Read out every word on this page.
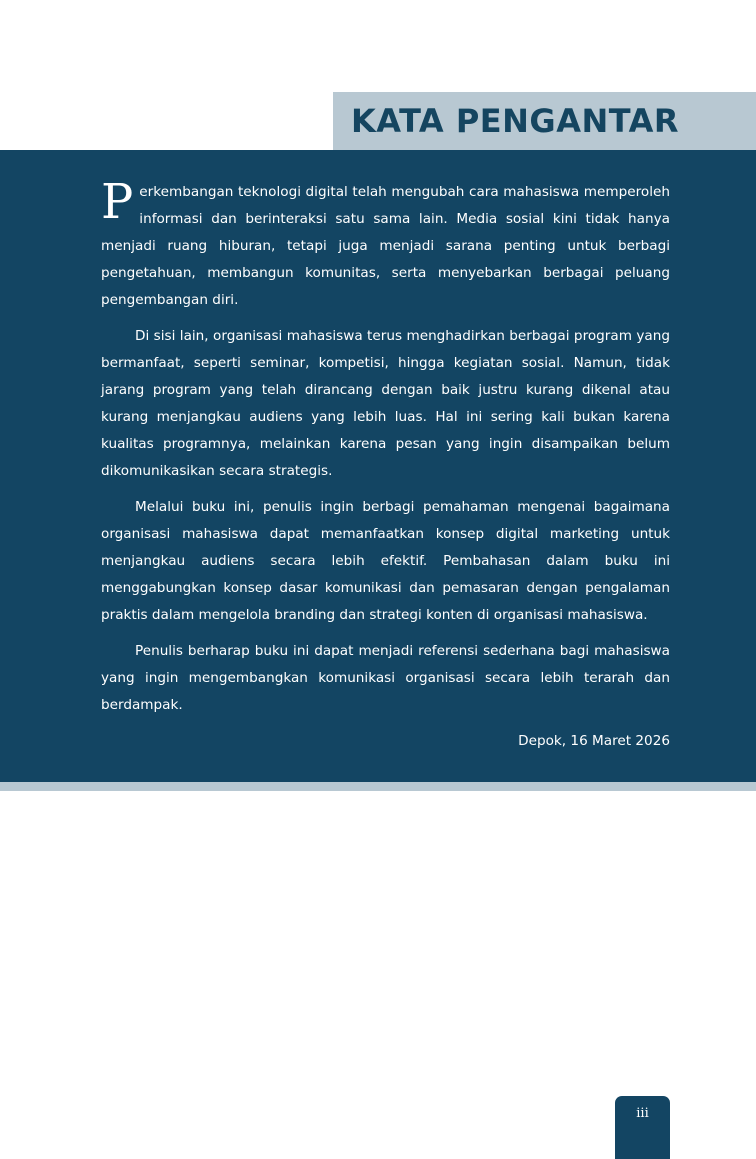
KATA PENGANTAR

Perkembangan teknologi digital telah mengubah cara mahasiswa memperoleh informasi dan berinteraksi satu sama lain. Media sosial kini tidak hanya menjadi ruang hiburan, tetapi juga menjadi sarana penting untuk berbagi pengetahuan, membangun komunitas, serta menyebarkan berbagai peluang pengembangan diri.

Di sisi lain, organisasi mahasiswa terus menghadirkan berbagai program yang bermanfaat, seperti seminar, kompetisi, hingga kegiatan sosial. Namun, tidak jarang program yang telah dirancang dengan baik justru kurang dikenal atau kurang menjangkau audiens yang lebih luas. Hal ini sering kali bukan karena kualitas programnya, melainkan karena pesan yang ingin disampaikan belum dikomunikasikan secara strategis.

Melalui buku ini, penulis ingin berbagi pemahaman mengenai bagaimana organisasi mahasiswa dapat memanfaatkan konsep digital marketing untuk menjangkau audiens secara lebih efektif. Pembahasan dalam buku ini menggabungkan konsep dasar komunikasi dan pemasaran dengan pengalaman praktis dalam mengelola branding dan strategi konten di organisasi mahasiswa.

Penulis berharap buku ini dapat menjadi referensi sederhana bagi mahasiswa yang ingin mengembangkan komunikasi organisasi secara lebih terarah dan berdampak.

Depok, 16 Maret 2026

iii
